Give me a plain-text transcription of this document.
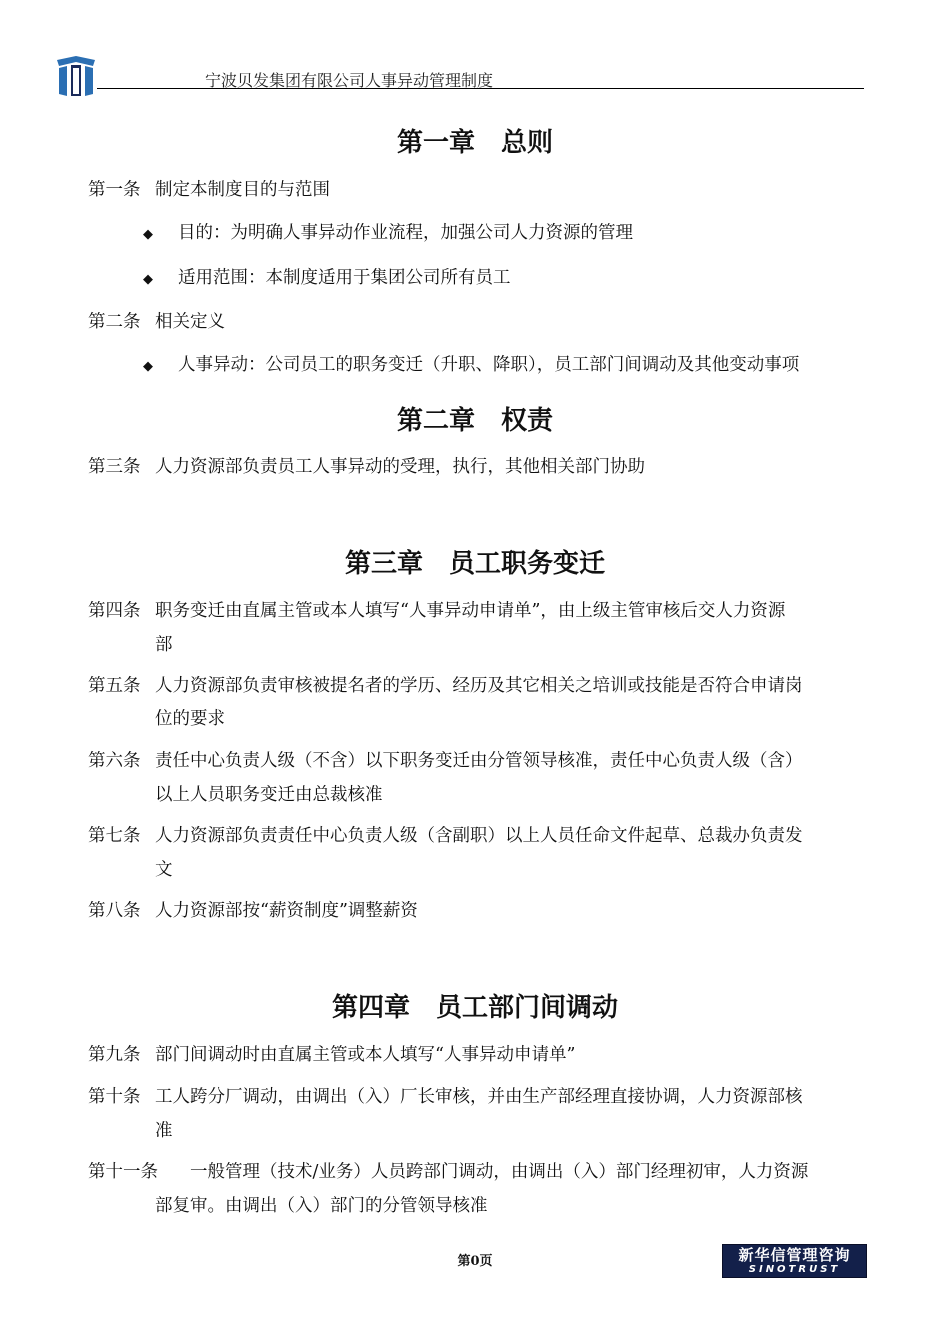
宁波贝发集团有限公司人事异动管理制度
第一章　总则
第一条 制定本制度目的与范围
◆ 目的：为明确人事异动作业流程，加强公司人力资源的管理
◆ 适用范围：本制度适用于集团公司所有员工
第二条 相关定义
◆ 人事异动：公司员工的职务变迁（升职、降职），员工部门间调动及其他变动事项
第二章　权责
第三条 人力资源部负责员工人事异动的受理，执行，其他相关部门协助
第三章　员工职务变迁
第四条 职务变迁由直属主管或本人填写“人事异动申请单”，由上级主管审核后交人力资源
部
第五条 人力资源部负责审核被提名者的学历、经历及其它相关之培训或技能是否符合申请岗
位的要求
第六条 责任中心负责人级（不含）以下职务变迁由分管领导核准，责任中心负责人级（含）
以上人员职务变迁由总裁核准
第七条 人力资源部负责责任中心负责人级（含副职）以上人员任命文件起草、总裁办负责发
文
第八条 人力资源部按“薪资制度”调整薪资
第四章　员工部门间调动
第九条 部门间调动时由直属主管或本人填写“人事异动申请单”
第十条 工人跨分厂调动，由调出（入）厂长审核，并由生产部经理直接协调，人力资源部核
准
第十一条 一般管理（技术/业务）人员跨部门调动，由调出（入）部门经理初审，人力资源
部复审。由调出（入）部门的分管领导核准
第0页	新华信管理咨询
SINOTRUST
